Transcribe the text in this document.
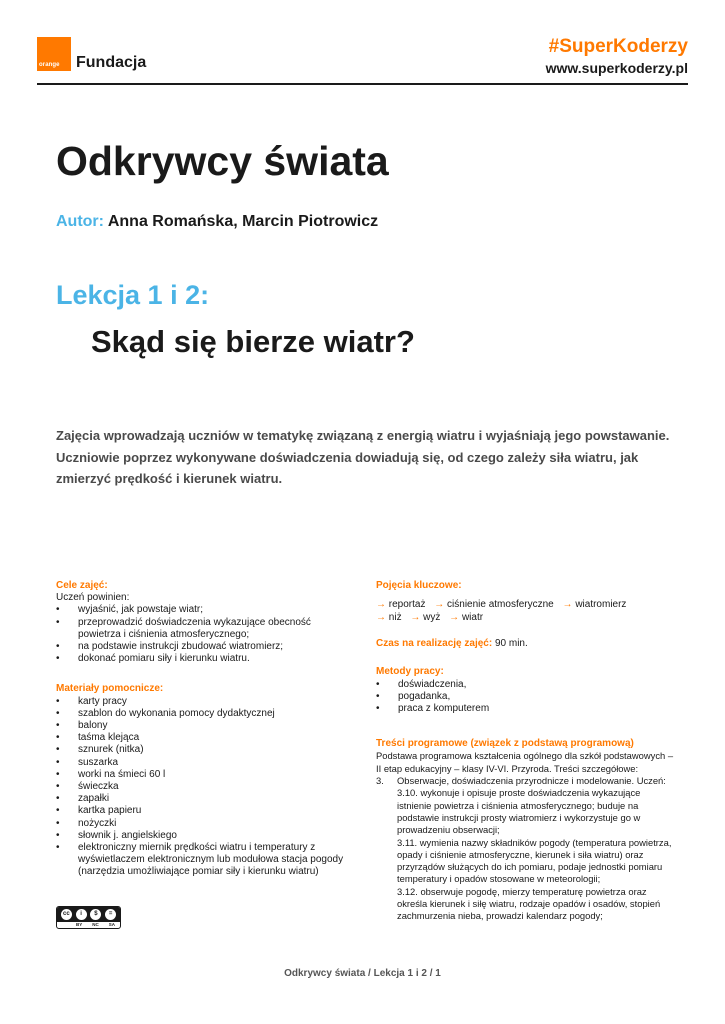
orange Fundacja
#SuperKoderzy
www.superkoderzy.pl
Odkrywcy świata
Autor: Anna Romańska, Marcin Piotrowicz
Lekcja 1 i 2:
Skąd się bierze wiatr?

Zajęcia wprowadzają uczniów w tematykę związaną z energią wiatru i wyjaśniają jego powstawanie. Uczniowie poprzez wykonywane doświadczenia dowiadują się, od czego zależy siła wiatru, jak zmierzyć prędkość i kierunek wiatru.

Cele zajęć:
Uczeń powinien:
• wyjaśnić, jak powstaje wiatr;
• przeprowadzić doświadczenia wykazujące obecność powietrza i ciśnienia atmosferycznego;
• na podstawie instrukcji zbudować wiatromierz;
• dokonać pomiaru siły i kierunku wiatru.
Materiały pomocnicze:
• karty pracy
• szablon do wykonania pomocy dydaktycznej
• balony
• taśma klejąca
• sznurek (nitka)
• suszarka
• worki na śmieci 60 l
• świeczka
• zapałki
• kartka papieru
• nożyczki
• słownik j. angielskiego
• elektroniczny miernik prędkości wiatru i temperatury z wyświetlaczem elektronicznym lub modułowa stacja pogody (narzędzia umożliwiające pomiar siły i kierunku wiatru)
Pojęcia kluczowe:
→ reportaż → ciśnienie atmosferyczne → wiatromierz
→ niż → wyż → wiatr
Czas na realizację zajęć: 90 min.
Metody pracy:
• doświadczenia,
• pogadanka,
• praca z komputerem
Treści programowe (związek z podstawą programową)
Podstawa programowa kształcenia ogólnego dla szkół podstawowych – II etap edukacyjny – klasy IV-VI. Przyroda. Treści szczegółowe:
3. Obserwacje, doświadczenia przyrodnicze i modelowanie. Uczeń:
3.10. wykonuje i opisuje proste doświadczenia wykazujące istnienie powietrza i ciśnienia atmosferycznego; buduje na podstawie instrukcji prosty wiatromierz i wykorzystuje go w prowadzeniu obserwacji;
3.11. wymienia nazwy składników pogody (temperatura powietrza, opady i ciśnienie atmosferyczne, kierunek i siła wiatru) oraz przyrządów służących do ich pomiaru, podaje jednostki pomiaru temperatury i opadów stosowane w meteorologii;
3.12. obserwuje pogodę, mierzy temperaturę powietrza oraz określa kierunek i siłę wiatru, rodzaje opadów i osadów, stopień zachmurzenia nieba, prowadzi kalendarz pogody;
cc	i	$	=
BY NC SA
Odkrywcy świata / Lekcja 1 i 2 / 1
